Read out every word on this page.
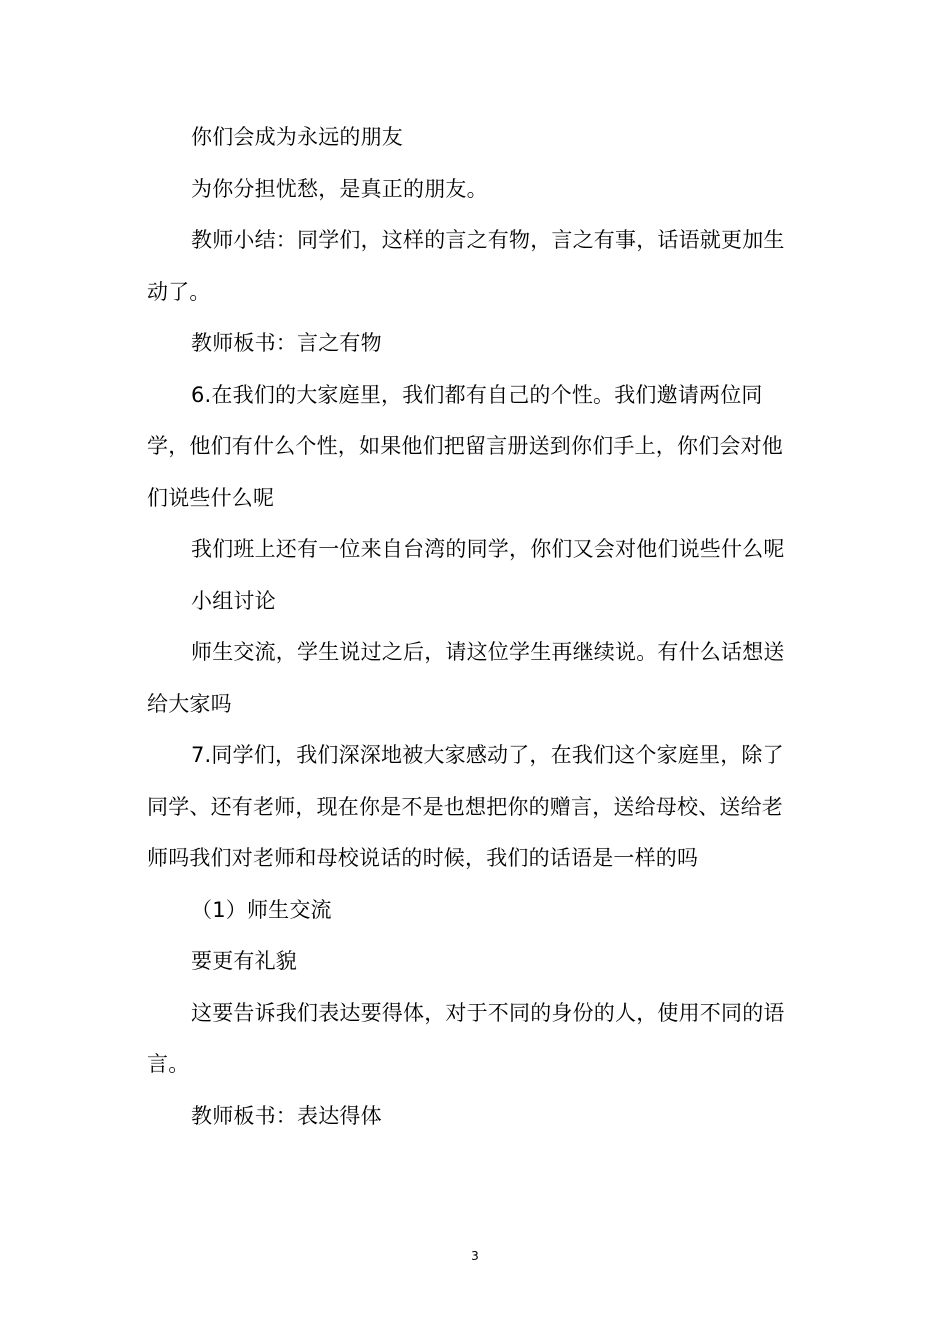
你们会成为永远的朋友

为你分担忧愁，是真正的朋友。

教师小结：同学们，这样的言之有物，言之有事，话语就更加生动了。

教师板书：言之有物

6.在我们的大家庭里，我们都有自己的个性。我们邀请两位同学，他们有什么个性，如果他们把留言册送到你们手上，你们会对他们说些什么呢

我们班上还有一位来自台湾的同学，你们又会对他们说些什么呢

小组讨论

师生交流，学生说过之后，请这位学生再继续说。有什么话想送给大家吗

7.同学们，我们深深地被大家感动了，在我们这个家庭里，除了同学、还有老师，现在你是不是也想把你的赠言，送给母校、送给老师吗我们对老师和母校说话的时候，我们的话语是一样的吗

（1）师生交流

要更有礼貌

这要告诉我们表达要得体，对于不同的身份的人，使用不同的语言。

教师板书：表达得体

3
